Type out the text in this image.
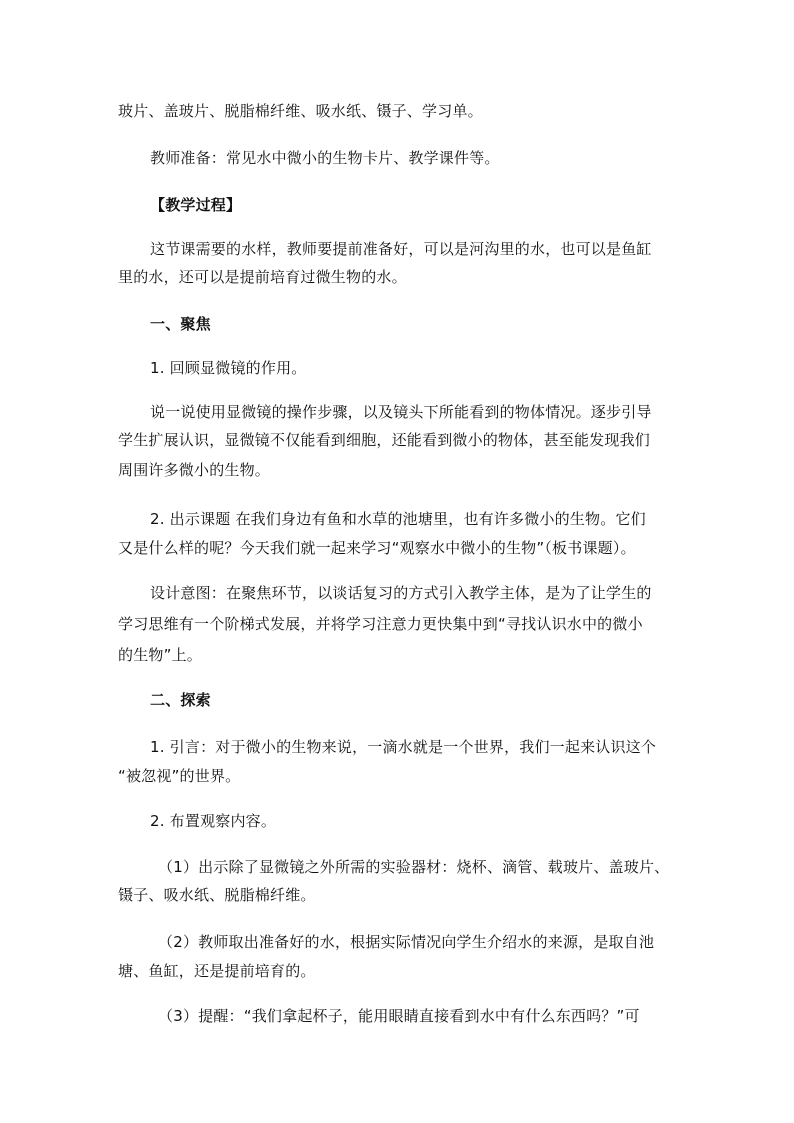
玻片、盖玻片、脱脂棉纤维、吸水纸、镊子、学习单。
教师准备：常见水中微小的生物卡片、教学课件等。
【教学过程】
这节课需要的水样，教师要提前准备好，可以是河沟里的水，也可以是鱼缸
里的水，还可以是提前培育过微生物的水。
一、聚焦
1. 回顾显微镜的作用。
说一说使用显微镜的操作步骤，以及镜头下所能看到的物体情况。逐步引导
学生扩展认识，显微镜不仅能看到细胞，还能看到微小的物体，甚至能发现我们
周围许多微小的生物。
2. 出示课题 在我们身边有鱼和水草的池塘里，也有许多微小的生物。它们
又是什么样的呢？今天我们就一起来学习“观察水中微小的生物”（板书课题）。
设计意图：在聚焦环节，以谈话复习的方式引入教学主体，是为了让学生的
学习思维有一个阶梯式发展，并将学习注意力更快集中到“寻找认识水中的微小
的生物”上。
二、探索
1. 引言：对于微小的生物来说，一滴水就是一个世界，我们一起来认识这个
“被忽视”的世界。
2. 布置观察内容。
（1）出示除了显微镜之外所需的实验器材：烧杯、滴管、载玻片、盖玻片、
镊子、吸水纸、脱脂棉纤维。
（2）教师取出准备好的水，根据实际情况向学生介绍水的来源，是取自池
塘、鱼缸，还是提前培育的。
（3）提醒：“我们拿起杯子，能用眼睛直接看到水中有什么东西吗？”可
